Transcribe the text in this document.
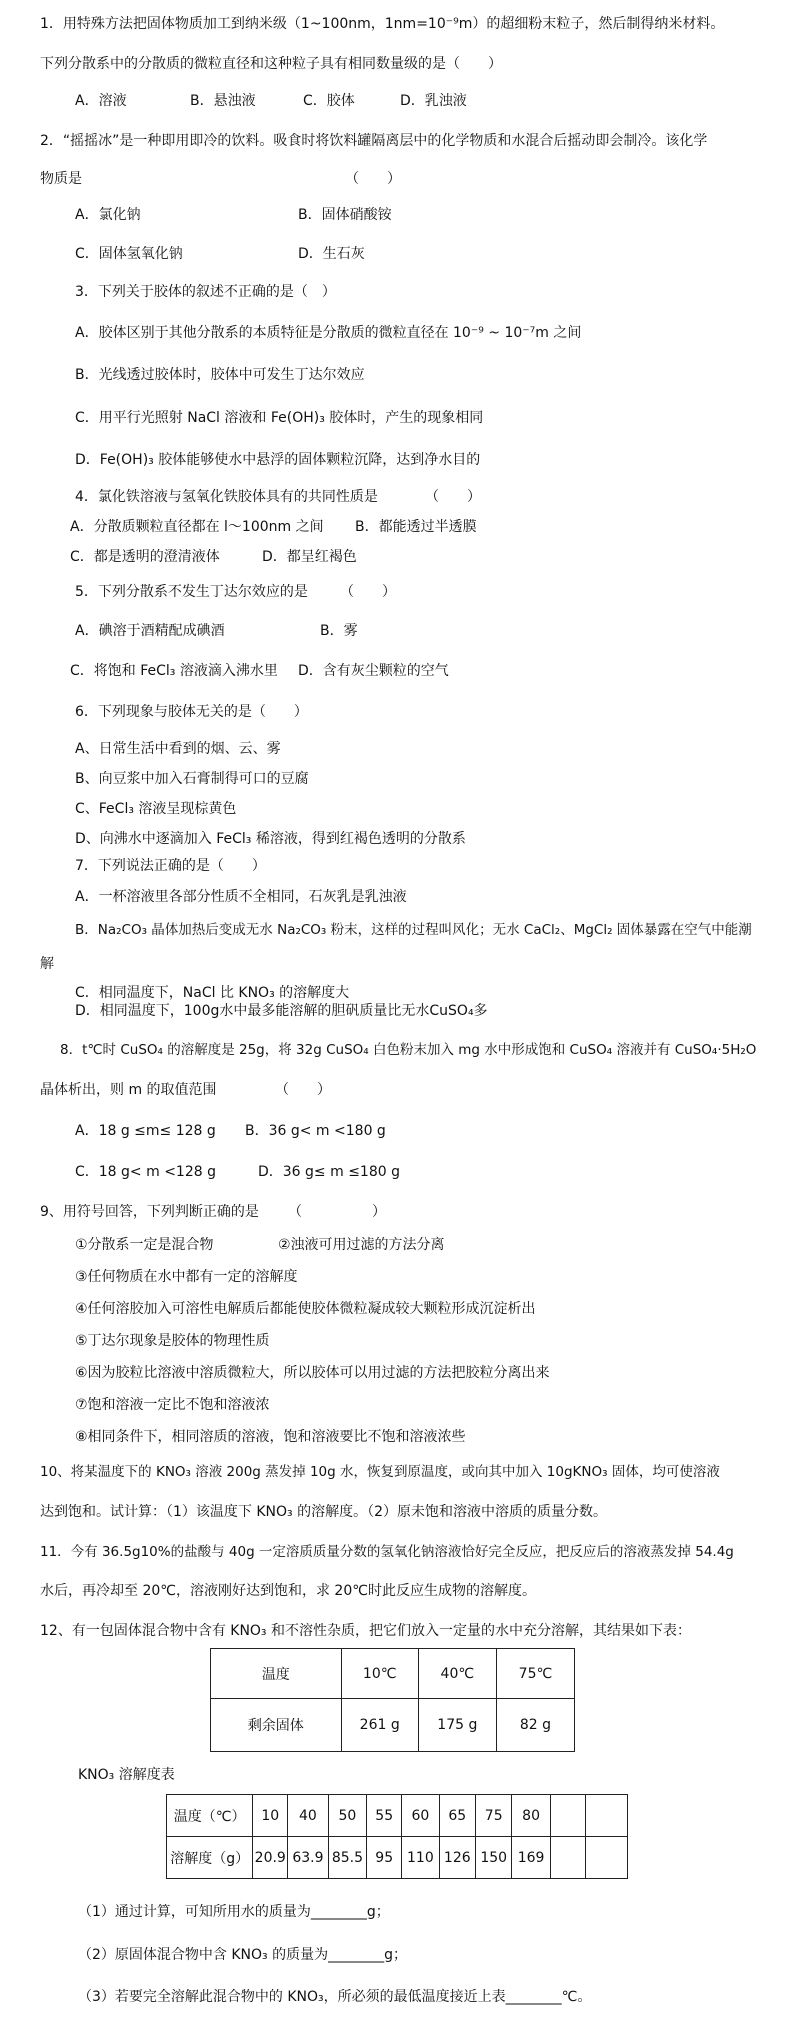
1．用特殊方法把固体物质加工到纳米级（1~100nm，1nm=10⁻⁹m）的超细粉末粒子，然后制得纳米材料。
下列分散系中的分散质的微粒直径和这种粒子具有相同数量级的是（　　）
A．溶液	B．悬浊液	C．胶体	D．乳浊液
2．“摇摇冰”是一种即用即冷的饮料。吸食时将饮料罐隔离层中的化学物质和水混合后摇动即会制冷。该化学
物质是	（　　）
A．氯化钠	B．固体硝酸铵
C．固体氢氧化钠	D．生石灰
3．下列关于胶体的叙述不正确的是（　）
A．胶体区别于其他分散系的本质特征是分散质的微粒直径在 10⁻⁹ ~ 10⁻⁷m 之间
B．光线透过胶体时，胶体中可发生丁达尔效应
C．用平行光照射 NaCl 溶液和 Fe(OH)₃ 胶体时，产生的现象相同
D．Fe(OH)₃ 胶体能够使水中悬浮的固体颗粒沉降，达到净水目的
4．氯化铁溶液与氢氧化铁胶体具有的共同性质是	（　　）
A．分散质颗粒直径都在 l～100nm 之间 B．都能透过半透膜
C．都是透明的澄清液体	D．都呈红褐色
5．下列分散系不发生丁达尔效应的是 （　　）
A．碘溶于酒精配成碘酒	B．雾
C．将饱和 FeCl₃ 溶液滴入沸水里 D．含有灰尘颗粒的空气
6．下列现象与胶体无关的是（　　）
A、日常生活中看到的烟、云、雾
B、向豆浆中加入石膏制得可口的豆腐
C、FeCl₃ 溶液呈现棕黄色
D、向沸水中逐滴加入 FeCl₃ 稀溶液，得到红褐色透明的分散系
7．下列说法正确的是（　　）
A．一杯溶液里各部分性质不全相同，石灰乳是乳浊液
B．Na₂CO₃ 晶体加热后变成无水 Na₂CO₃ 粉末，这样的过程叫风化；无水 CaCl₂、MgCl₂ 固体暴露在空气中能潮
解
C．相同温度下，NaCl 比 KNO₃ 的溶解度大
D．相同温度下，100g水中最多能溶解的胆矾质量比无水CuSO₄多
8．t℃时 CuSO₄ 的溶解度是 25g，将 32g CuSO₄ 白色粉末加入 mg 水中形成饱和 CuSO₄ 溶液并有 CuSO₄·5H₂O
晶体析出，则 m 的取值范围	（　　）
A．18 g ≤m≤ 128 g B．36 g< m <180 g
C．18 g< m <128 g	D．36 g≤ m ≤180 g
9、用符号回答，下列判断正确的是 （　　　　　）
①分散系一定是混合物	②浊液可用过滤的方法分离
③任何物质在水中都有一定的溶解度
④任何溶胶加入可溶性电解质后都能使胶体微粒凝成较大颗粒形成沉淀析出
⑤丁达尔现象是胶体的物理性质
⑥因为胶粒比溶液中溶质微粒大，所以胶体可以用过滤的方法把胶粒分离出来
⑦饱和溶液一定比不饱和溶液浓
⑧相同条件下，相同溶质的溶液，饱和溶液要比不饱和溶液浓些
10、将某温度下的 KNO₃ 溶液 200g 蒸发掉 10g 水，恢复到原温度，或向其中加入 10gKNO₃ 固体，均可使溶液
达到饱和。试计算：（1）该温度下 KNO₃ 的溶解度。（2）原未饱和溶液中溶质的质量分数。
11．今有 36.5g10%的盐酸与 40g 一定溶质质量分数的氢氧化钠溶液恰好完全反应，把反应后的溶液蒸发掉 54.4g
水后，再冷却至 20℃，溶液刚好达到饱和，求 20℃时此反应生成物的溶解度。
12、有一包固体混合物中含有 KNO₃ 和不溶性杂质，把它们放入一定量的水中充分溶解，其结果如下表：
温度	10℃	40℃	75℃
剩余固体	261 g	175 g	82 g
KNO₃ 溶解度表
温度（℃）	10	40	50	55	60	65	75	80		
溶解度（g）	20.9	63.9	85.5	95	110	126	150	169		
（1）通过计算，可知所用水的质量为________g；
（2）原固体混合物中含 KNO₃ 的质量为________g；
（3）若要完全溶解此混合物中的 KNO₃，所必须的最低温度接近上表________℃。
